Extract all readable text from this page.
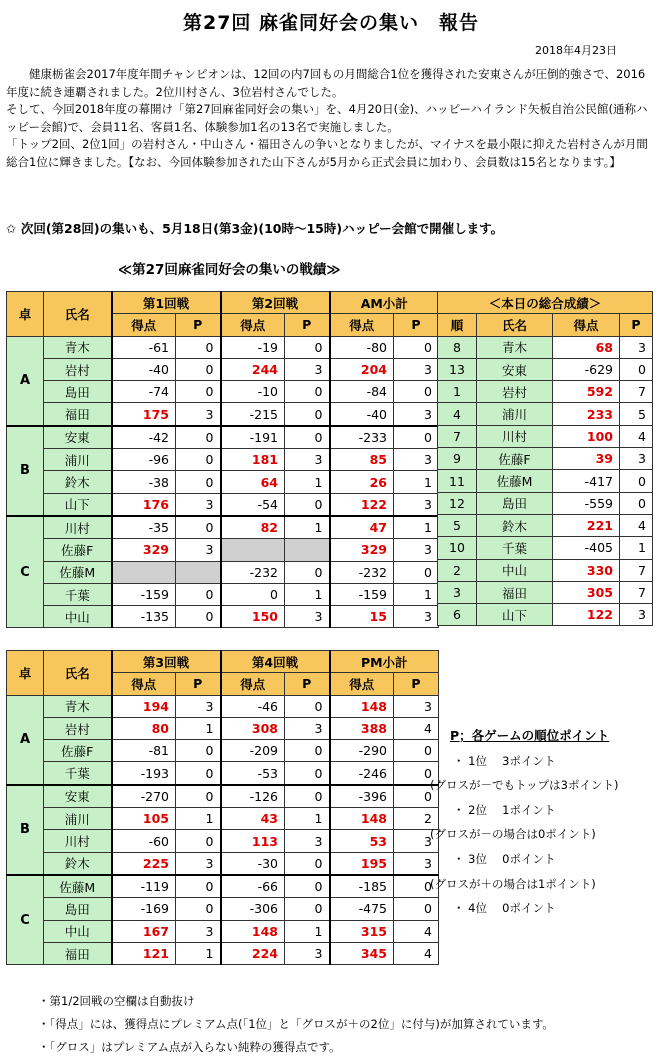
第27回 麻雀同好会の集い　報告
2018年4月23日

健康栃雀会2017年度年間チャンピオンは、12回の内7回もの月間総合1位を獲得された安東さんが圧倒的強さで、2016年度に続き連覇されました。2位川村さん、3位岩村さんでした。

そして、今回2018年度の幕開け「第27回麻雀同好会の集い」を、4月20日(金)、ハッピーハイランド矢板自治公民館(通称ハッピー会館)で、会員11名、客員1名、体験参加1名の13名で実施しました。

「トップ2回、2位1回」の岩村さん・中山さん・福田さんの争いとなりましたが、マイナスを最小限に抑えた岩村さんが月間総合1位に輝きました。【なお、今回体験参加された山下さんが5月から正式会員に加わり、会員数は15名となります。】

✩ 次回(第28回)の集いも、5月18日(第3金)(10時～15時)ハッピー会館で開催します。
≪第27回麻雀同好会の集いの戦績≫
卓	氏名	第1回戦		第2回戦		AM小計	
		得点	P	得点	P	得点	P
A	青木	-61	0	-19	0	-80	0
	岩村	-40	0	244	3	204	3
	島田	-74	0	-10	0	-84	0
	福田	175	3	-215	0	-40	3
B	安東	-42	0	-191	0	-233	0
	浦川	-96	0	181	3	85	3
	鈴木	-38	0	64	1	26	1
	山下	176	3	-54	0	122	3
C	川村	-35	0	82	1	47	1
	佐藤F	329	3			329	3
	佐藤M			-232	0	-232	0
	千葉	-159	0	0	1	-159	1
	中山	-135	0	150	3	15	3
卓	氏名	第3回戦		第4回戦		PM小計	
		得点	P	得点	P	得点	P
A	青木	194	3	-46	0	148	3
	岩村	80	1	308	3	388	4
	佐藤F	-81	0	-209	0	-290	0
	千葉	-193	0	-53	0	-246	0
B	安東	-270	0	-126	0	-396	0
	浦川	105	1	43	1	148	2
	川村	-60	0	113	3	53	3
	鈴木	225	3	-30	0	195	3
C	佐藤M	-119	0	-66	0	-185	0
	島田	-169	0	-306	0	-475	0
	中山	167	3	148	1	315	4
	福田	121	1	224	3	345	4
＜本日の総合成績＞			
順	氏名	得点	P
8	青木	68	3
13	安東	-629	0
1	岩村	592	7
4	浦川	233	5
7	川村	100	4
9	佐藤F	39	3
11	佐藤M	-417	0
12	島田	-559	0
5	鈴木	221	4
10	千葉	-405	1
2	中山	330	7
3	福田	305	7
6	山下	122	3
P；各ゲームの順位ポイント
・ 1位　 3ポイント
(グロスが－でもトップは3ポイント)
・ 2位　 1ポイント
(グロスが－の場合は0ポイント)
・ 3位　 0ポイント
(グロスが＋の場合は1ポイント)
・ 4位　 0ポイント
・第1/2回戦の空欄は自動抜け
・「得点」には、獲得点にプレミアム点(「1位」と「グロスが＋の2位」に付与)が加算されています。
・「グロス」はプレミアム点が入らない純粋の獲得点です。
